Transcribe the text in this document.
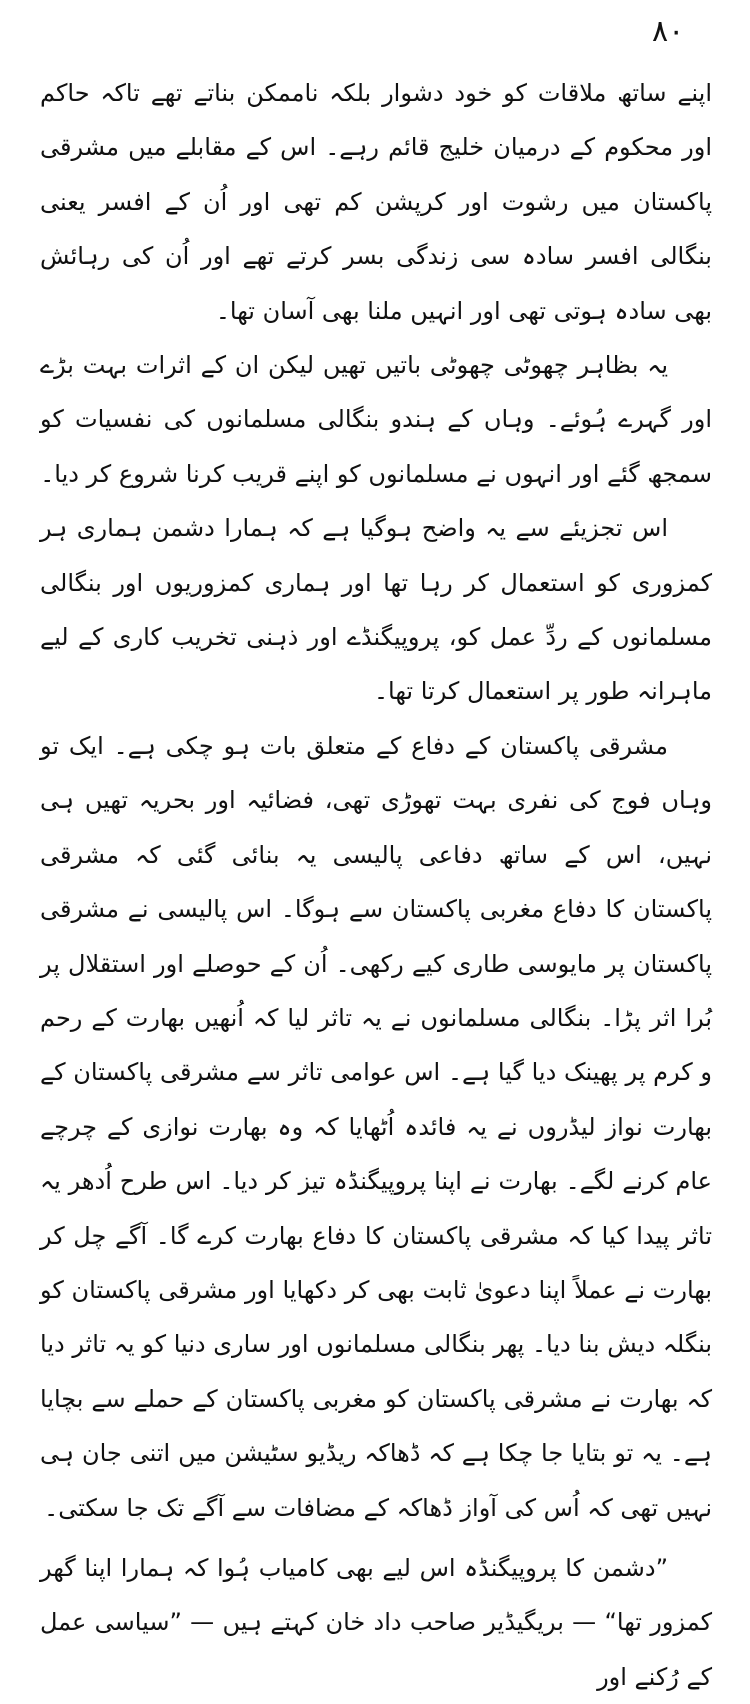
۸۰

اپنے ساتھ ملاقات کو خود دشوار بلکہ ناممکن بناتے تھے تاکہ حاکم اور محکوم کے درمیان خلیج قائم رہے۔ اس کے مقابلے میں مشرقی پاکستان میں رشوت اور کرپشن کم تھی اور اُن کے افسر یعنی بنگالی افسر سادہ سی زندگی بسر کرتے تھے اور اُن کی رہائش بھی سادہ ہوتی تھی اور انہیں ملنا بھی آسان تھا۔

یہ بظاہر چھوٹی چھوٹی باتیں تھیں لیکن ان کے اثرات بہت بڑے اور گہرے ہُوئے۔ وہاں کے ہندو بنگالی مسلمانوں کی نفسیات کو سمجھ گئے اور انہوں نے مسلمانوں کو اپنے قریب کرنا شروع کر دیا۔

اس تجزیئے سے یہ واضح ہوگیا ہے کہ ہمارا دشمن ہماری ہر کمزوری کو استعمال کر رہا تھا اور ہماری کمزوریوں اور بنگالی مسلمانوں کے ردِّ عمل کو، پروپیگنڈے اور ذہنی تخریب کاری کے لیے ماہرانہ طور پر استعمال کرتا تھا۔

مشرقی پاکستان کے دفاع کے متعلق بات ہو چکی ہے۔ ایک تو وہاں فوج کی نفری بہت تھوڑی تھی، فضائیہ اور بحریہ تھیں ہی نہیں، اس کے ساتھ دفاعی پالیسی یہ بنائی گئی کہ مشرقی پاکستان کا دفاع مغربی پاکستان سے ہوگا۔ اس پالیسی نے مشرقی پاکستان پر مایوسی طاری کیے رکھی۔ اُن کے حوصلے اور استقلال پر بُرا اثر پڑا۔ بنگالی مسلمانوں نے یہ تاثر لیا کہ اُنھیں بھارت کے رحم و کرم پر پھینک دیا گیا ہے۔ اس عوامی تاثر سے مشرقی پاکستان کے بھارت نواز لیڈروں نے یہ فائدہ اُٹھایا کہ وہ بھارت نوازی کے چرچے عام کرنے لگے۔ بھارت نے اپنا پروپیگنڈہ تیز کر دیا۔ اس طرح اُدھر یہ تاثر پیدا کیا کہ مشرقی پاکستان کا دفاع بھارت کرے گا۔ آگے چل کر بھارت نے عملاً اپنا دعویٰ ثابت بھی کر دکھایا اور مشرقی پاکستان کو بنگلہ دیش بنا دیا۔ پھر بنگالی مسلمانوں اور ساری دنیا کو یہ تاثر دیا کہ بھارت نے مشرقی پاکستان کو مغربی پاکستان کے حملے سے بچایا ہے۔ یہ تو بتایا جا چکا ہے کہ ڈھاکہ ریڈیو سٹیشن میں اتنی جان ہی نہیں تھی کہ اُس کی آواز ڈھاکہ کے مضافات سے آگے تک جا سکتی۔

”دشمن کا پروپیگنڈہ اس لیے بھی کامیاب ہُوا کہ ہمارا اپنا گھر کمزور تھا“ — بریگیڈیر صاحب داد خان کہتے ہیں — ”سیاسی عمل کے رُکنے اور
